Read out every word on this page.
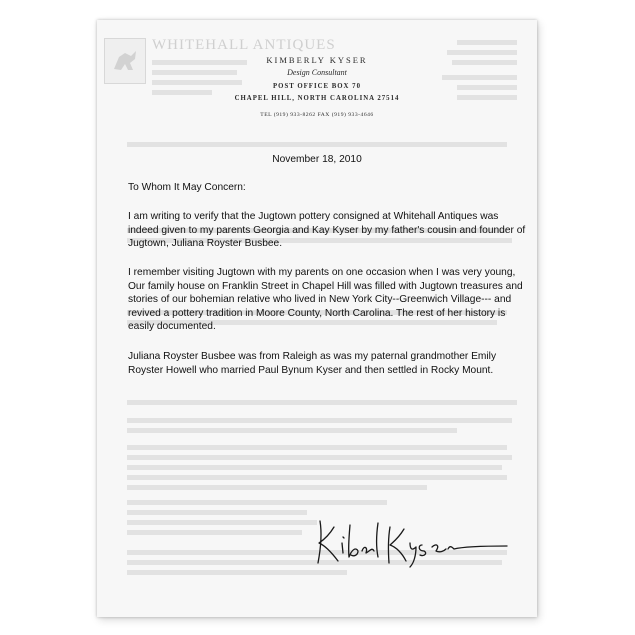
WHITEHALL ANTIQUES
KIMBERLY KYSER
Design Consultant
POST OFFICE BOX 70
CHAPEL HILL, NORTH CAROLINA 27514
TEL (919) 933-8262 FAX (919) 933-4646
November 18, 2010
To Whom It May Concern:
I am writing to verify that the Jugtown pottery consigned at Whitehall Antiques was indeed given to my parents Georgia and Kay Kyser by my father's cousin and founder of Jugtown, Juliana Royster Busbee.
I remember visiting Jugtown with my parents on one occasion when I was very young, Our family house on Franklin Street in Chapel Hill was filled with Jugtown treasures and stories of our bohemian relative who lived in New York City--Greenwich Village--- and revived a pottery tradition in Moore County, North Carolina. The rest of her history is easily documented.
Juliana Royster Busbee was from Raleigh as was my paternal grandmother Emily Royster Howell who married Paul Bynum Kyser and then settled in Rocky Mount.
